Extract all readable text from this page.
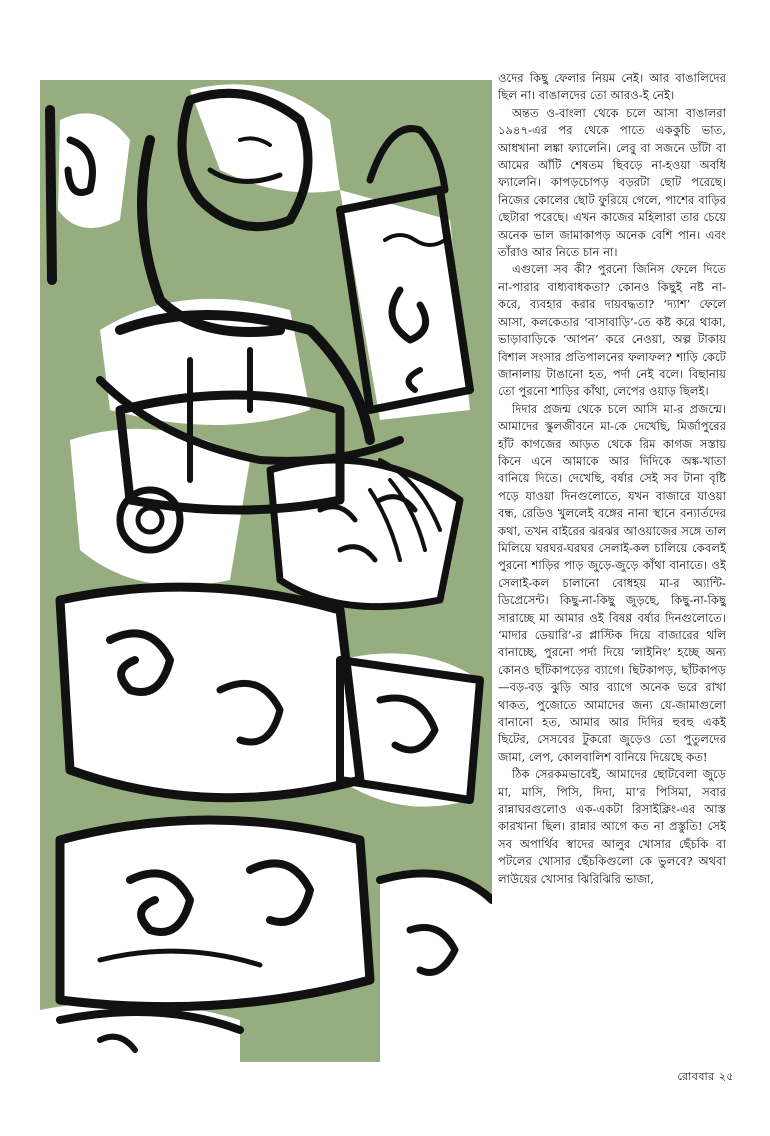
ওদের কিছু ফেলার নিয়ম নেই। আর বাঙালিদের ছিল না। বাঙালদের তো আরও-ই নেই।

অন্তত ও-বাংলা থেকে চলে আসা বাঙালরা ১৯৪৭-এর পর থেকে পাতে এককুচি ভাত, আধখানা লঙ্কা ফ্যালেনি। লেবু বা সজনে ডাঁটা বা আমের আঁটি শেষতম ছিবড়ে না-হওয়া অবধি ফ্যালেনি। কাপড়চোপড় বড়রটা ছোট পরেছে। নিজের কোলের ছোট ফুরিয়ে গেলে, পাশের বাড়ির ছেটারা পরেছে। এখন কাজের মহিলারা তার চেয়ে অনেক ভাল জামাকাপড় অনেক বেশি পান। এবং তাঁরাও আর নিতে চান না।

এগুলো সব কী? পুরনো জিনিস ফেলে দিতে না-পারার বাধ্যবাধকতা? কোনও কিছুই নষ্ট না-করে, ব্যবহার করার দায়বদ্ধতা? ‘দ্যাশ’ ফেলে আসা, কলকেতার ‘বাসাবাড়ি’-তে কষ্ট করে থাকা, ভাড়াবাড়িকে ‘আপন’ করে নেওয়া, অল্প টাকায় বিশাল সংসার প্রতিপালনের ফলাফল? শাড়ি কেটে জানালায় টাঙানো হত, পর্দা নেই বলে। বিছানায় তো পুরনো শাড়ির কাঁথা, লেপের ওয়াড় ছিলই।

দিদার প্রজন্ম থেকে চলে আসি মা-র প্রজন্মে। আমাদের স্কুলজীবনে মা-কে দেখেছি, মির্জাপুরের হাঁট কাগজের আড়ত থেকে রিম কাগজ সস্তায় কিনে এনে আমাকে আর দিদিকে অঙ্ক-খাতা বানিয়ে দিতে। দেখেছি, বর্ষার সেই সব টানা বৃষ্টি পড়ে যাওয়া দিনগুলোতে, যখন বাজারে যাওয়া বন্ধ, রেডিও খুললেই বঙ্গের নানা স্থানে বন্যার্তদের কথা, তখন বাইরের ঝরঝর আওয়াজের সঙ্গে তাল মিলিয়ে ঘরঘর-ঘরঘর সেলাই-কল চালিয়ে কেবলই পুরনো শাড়ির পাড় জুড়ে-জুড়ে কাঁথা বানাতে। ওই সেলাই-কল চালানো বোধহয় মা-র অ্যান্টি-ডিপ্রেসেন্ট। কিছু-না-কিছু জুড়ছে, কিছু-না-কিছু সারাচ্ছে মা আমার ওই বিষণ্ণ বর্ষার দিনগুলোতে। ‘মাদার ডেয়ারি’-র প্লাস্টিক দিয়ে বাজারের থলি বানাচ্ছে, পুরনো পর্দা দিয়ে ‘লাইনিং’ হচ্ছে অন্য কোনও ছাঁটকাপড়ের ব্যাগে। ছিটকাপড়, ছাঁটকাপড়—বড়-বড় ঝুড়ি আর ব্যাগে অনেক ভরে রাখা থাকত, পুজোতে আমাদের জন্য যে-জামাগুলো বানানো হত, আমার আর দিদির হুবহু একই ছিটের, সেসবের টুকরো জুড়েও তো পুতুলদের জামা, লেপ, কোলবালিশ বানিয়ে দিয়েছে কত!

ঠিক সেরকমভাবেই, আমাদের ছোটবেলা জুড়ে মা, মাসি, পিসি, দিদা, মা’র পিসিমা, সবার রান্নাঘরগুলোও এক-একটা রিসাইক্লিং-এর আস্ত কারখানা ছিল। রান্নার আগে কত না প্রস্তুতি! সেই সব অপার্থিব স্বাদের আলুর খোসার ছেঁচকি বা পটলের খোসার ছেঁচকিগুলো কে ভুলবে? অথবা লাউয়ের খোসার ঝিরিঝিরি ভাজা,

রোববার ২৫
